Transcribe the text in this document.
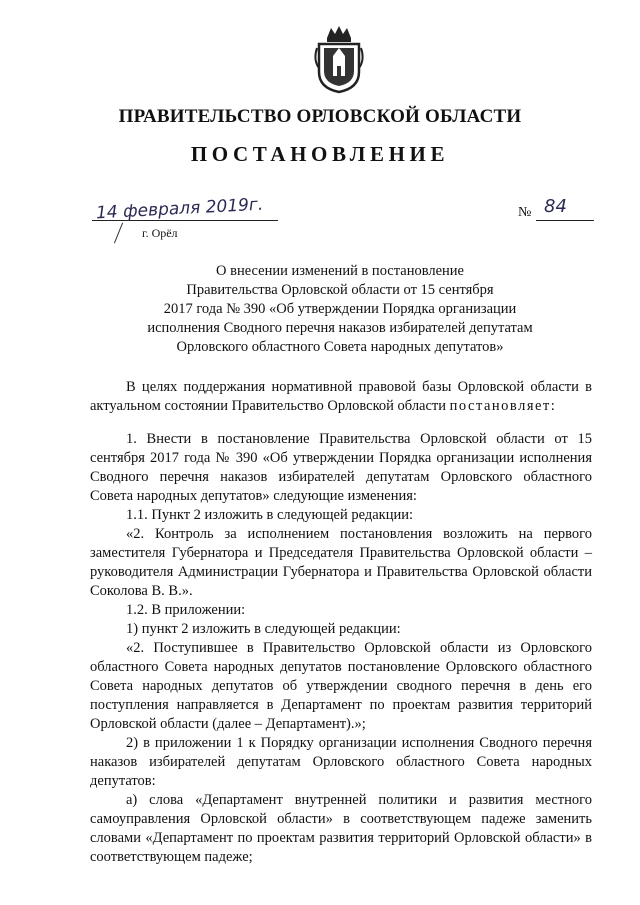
ПРАВИТЕЛЬСТВО ОРЛОВСКОЙ ОБЛАСТИ
ПОСТАНОВЛЕНИЕ
14 февраля 2019г.
г. Орёл
№ 84
О внесении изменений в постановление
Правительства Орловской области от 15 сентября
2017 года № 390 «Об утверждении Порядка организации
исполнения Сводного перечня наказов избирателей депутатам
Орловского областного Совета народных депутатов»

В целях поддержания нормативной правовой базы Орловской области в актуальном состоянии Правительство Орловской области постановляет:

1. Внести в постановление Правительства Орловской области от 15 сентября 2017 года № 390 «Об утверждении Порядка организации исполнения Сводного перечня наказов избирателей депутатам Орловского областного Совета народных депутатов» следующие изменения:

1.1. Пункт 2 изложить в следующей редакции:

«2. Контроль за исполнением постановления возложить на первого заместителя Губернатора и Председателя Правительства Орловской области – руководителя Администрации Губернатора и Правительства Орловской области Соколова В. В.».

1.2. В приложении:

1) пункт 2 изложить в следующей редакции:

«2. Поступившее в Правительство Орловской области из Орловского областного Совета народных депутатов постановление Орловского областного Совета народных депутатов об утверждении сводного перечня в день его поступления направляется в Департамент по проектам развития территорий Орловской области (далее – Департамент).»;

2) в приложении 1 к Порядку организации исполнения Сводного перечня наказов избирателей депутатам Орловского областного Совета народных депутатов:

а) слова «Департамент внутренней политики и развития местного самоуправления Орловской области» в соответствующем падеже заменить словами «Департамент по проектам развития территорий Орловской области» в соответствующем падеже;
